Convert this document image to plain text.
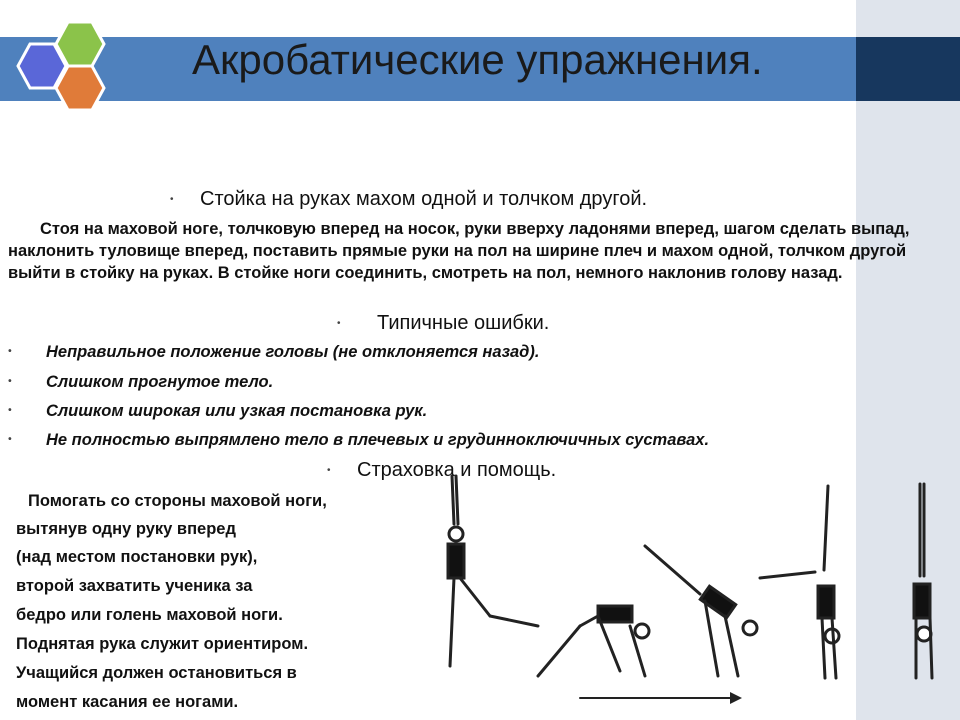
Акробатические упражнения.
• Стойка на руках махом одной и толчком другой.
Стоя на маховой ноге, толчковую вперед на носок, руки вверху ладонями вперед, шагом сделать выпад, наклонить туловище вперед, поставить прямые руки на пол на ширине плеч и махом одной, толчком другой выйти в стойку на руках. В стойке ноги соединить, смотреть на пол, немного наклонив голову назад.
• Типичные ошибки.
• Неправильное положение головы (не отклоняется назад).
• Слишком прогнутое тело.
• Слишком широкая или узкая постановка рук.
• Не полностью выпрямлено тело в плечевых и грудинноключичных суставах.
• Страховка и помощь.
Помогать со стороны маховой ноги,
вытянув одну руку вперед
(над местом постановки рук),
второй захватить ученика за
бедро или голень маховой ноги.
Поднятая рука служит ориентиром.
Учащийся должен остановиться в
момент касания ее ногами.
